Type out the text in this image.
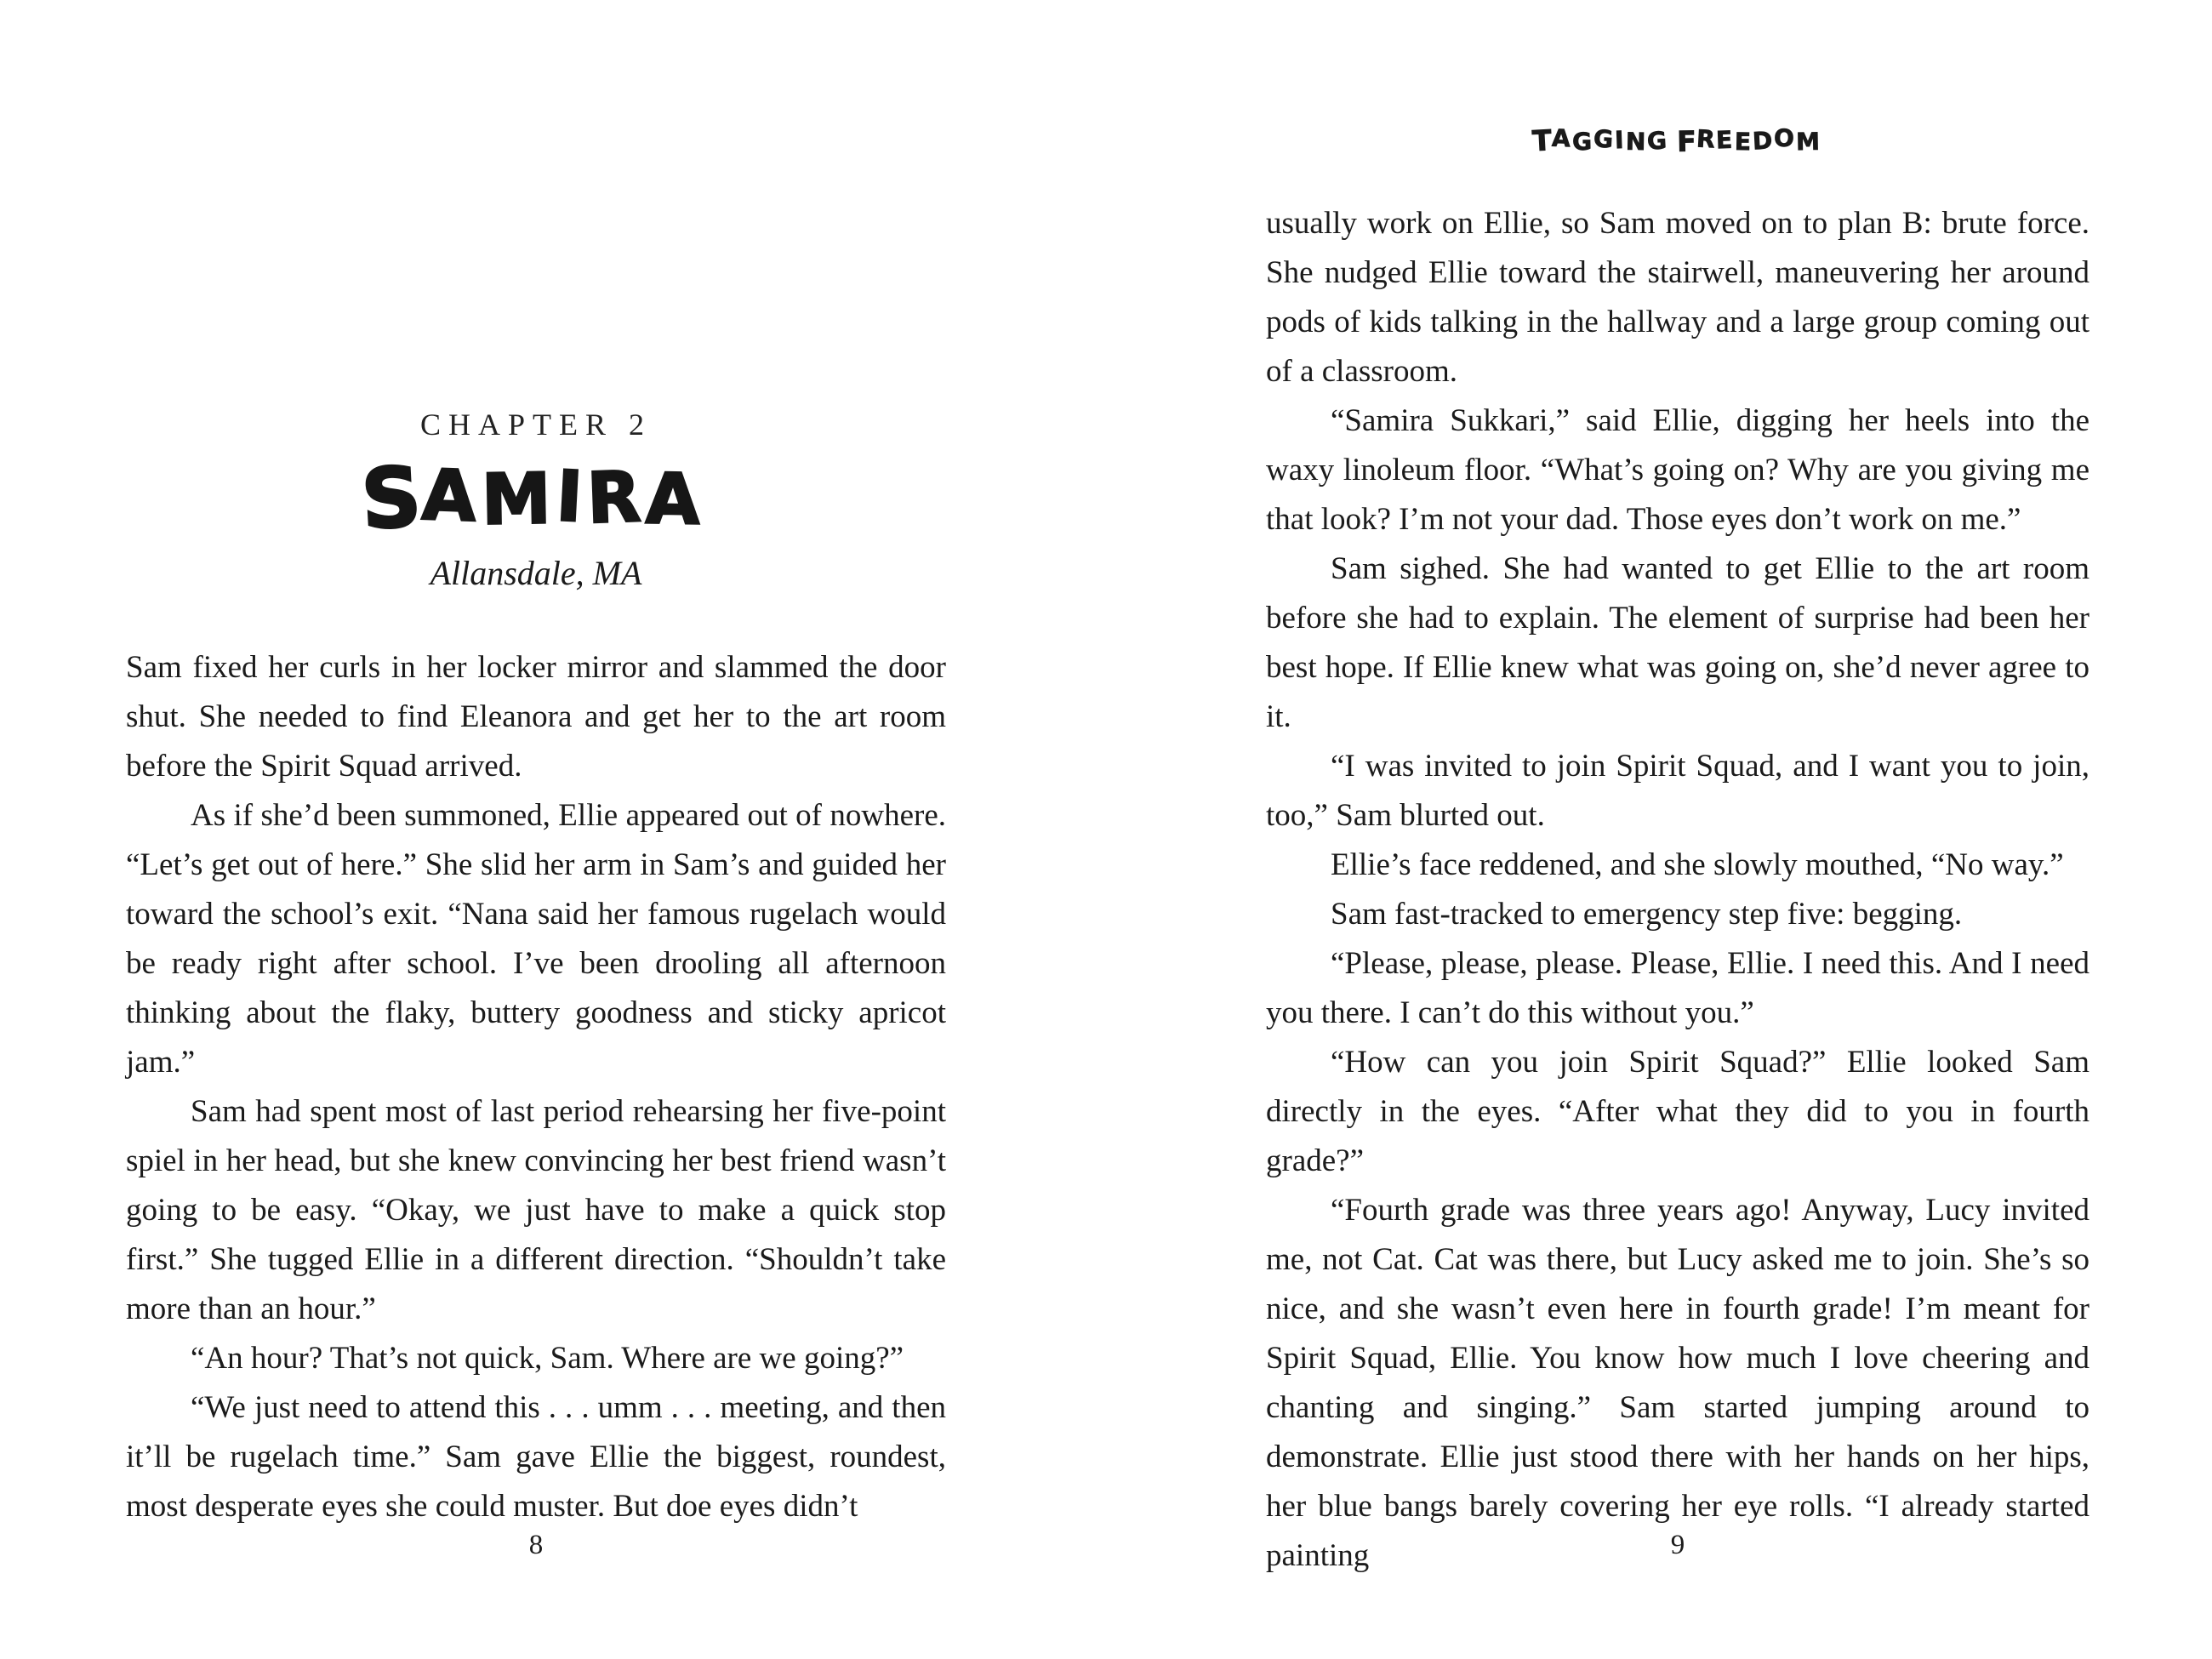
CHAPTER 2
SAMIRA
Allansdale, MA

Sam fixed her curls in her locker mirror and slammed the door shut. She needed to find Eleanora and get her to the art room before the Spirit Squad arrived.

As if she’d been summoned, Ellie appeared out of nowhere. “Let’s get out of here.” She slid her arm in Sam’s and guided her toward the school’s exit. “Nana said her famous rugelach would be ready right after school. I’ve been drooling all afternoon thinking about the flaky, buttery goodness and sticky apricot jam.”

Sam had spent most of last period rehearsing her five-point spiel in her head, but she knew convincing her best friend wasn’t going to be easy. “Okay, we just have to make a quick stop first.” She tugged Ellie in a different direction. “Shouldn’t take more than an hour.”

“An hour? That’s not quick, Sam. Where are we going?”

“We just need to attend this . . . umm . . . meeting, and then it’ll be rugelach time.” Sam gave Ellie the biggest, roundest, most desperate eyes she could muster. But doe eyes didn’t

8
TAGGING FREEDOM

usually work on Ellie, so Sam moved on to plan B: brute force. She nudged Ellie toward the stairwell, maneuvering her around pods of kids talking in the hallway and a large group coming out of a classroom.

“Samira Sukkari,” said Ellie, digging her heels into the waxy linoleum floor. “What’s going on? Why are you giving me that look? I’m not your dad. Those eyes don’t work on me.”

Sam sighed. She had wanted to get Ellie to the art room before she had to explain. The element of surprise had been her best hope. If Ellie knew what was going on, she’d never agree to it.

“I was invited to join Spirit Squad, and I want you to join, too,” Sam blurted out.

Ellie’s face reddened, and she slowly mouthed, “No way.”

Sam fast-tracked to emergency step five: begging.

“Please, please, please. Please, Ellie. I need this. And I need you there. I can’t do this without you.”

“How can you join Spirit Squad?” Ellie looked Sam directly in the eyes. “After what they did to you in fourth grade?”

“Fourth grade was three years ago! Anyway, Lucy invited me, not Cat. Cat was there, but Lucy asked me to join. She’s so nice, and she wasn’t even here in fourth grade! I’m meant for Spirit Squad, Ellie. You know how much I love cheering and chanting and singing.” Sam started jumping around to demonstrate. Ellie just stood there with her hands on her hips, her blue bangs barely covering her eye rolls. “I already started painting	9
